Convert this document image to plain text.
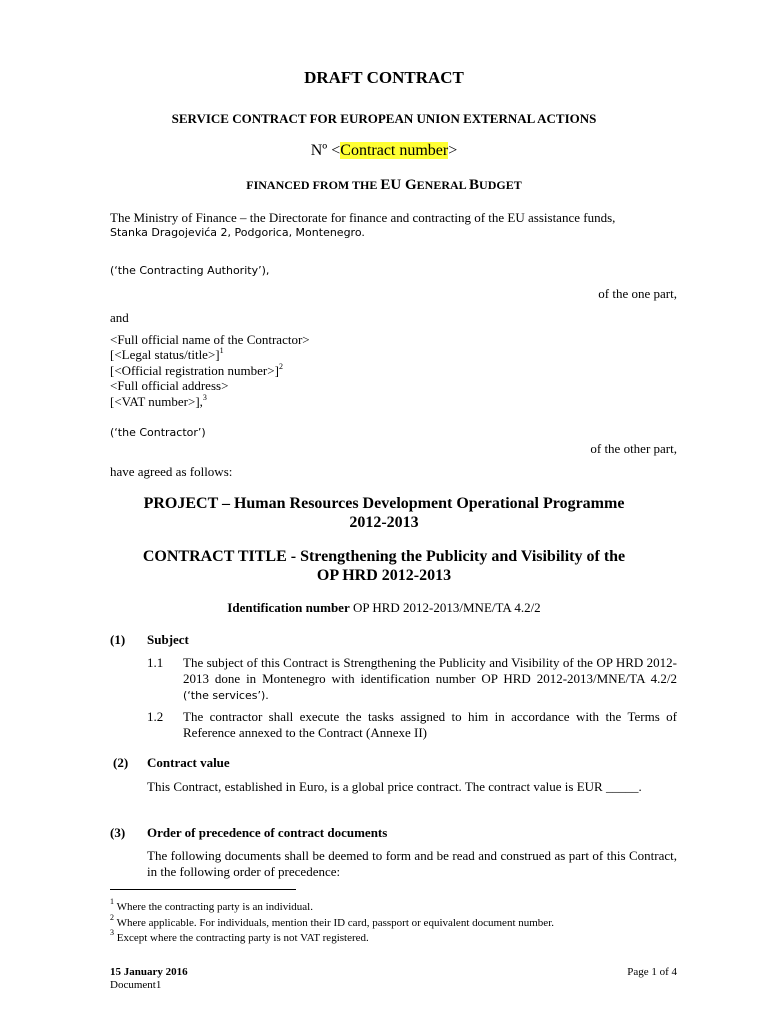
DRAFT CONTRACT
SERVICE CONTRACT FOR EUROPEAN UNION EXTERNAL ACTIONS
Nº <Contract number>
FINANCED FROM THE EU GENERAL BUDGET
The Ministry of Finance – the Directorate for finance and contracting of the EU assistance funds,
Stanka Dragojevića 2, Podgorica, Montenegro.
(‘the Contracting Authority’),
of the one part,
and
<Full official name of the Contractor>
[<Legal status/title>]$^1$
[<Official registration number>]$^2$
<Full official address>
[<VAT number>],$^3$
(‘the Contractor’)
of the other part,
have agreed as follows:
PROJECT – Human Resources Development Operational Programme
2012-2013
CONTRACT TITLE - Strengthening the Publicity and Visibility of the
OP HRD 2012-2013
Identification number OP HRD 2012-2013/MNE/TA 4.2/2
(1) Subject
1.1 The subject of this Contract is Strengthening the Publicity and Visibility of the OP HRD 2012-2013 done in Montenegro with identification number OP HRD 2012-2013/MNE/TA 4.2/2 (‘the services’).
1.2 The contractor shall execute the tasks assigned to him in accordance with the Terms of Reference annexed to the Contract (Annexe II)
(2) Contract value
This Contract, established in Euro, is a global price contract. The contract value is EUR _____.
(3) Order of precedence of contract documents
The following documents shall be deemed to form and be read and construed as part of this Contract, in the following order of precedence:
$^1$ Where the contracting party is an individual.
$^2$ Where applicable. For individuals, mention their ID card, passport or equivalent document number.
$^3$ Except where the contracting party is not VAT registered.
15 January 2016	Page 1 of 4
Document1
